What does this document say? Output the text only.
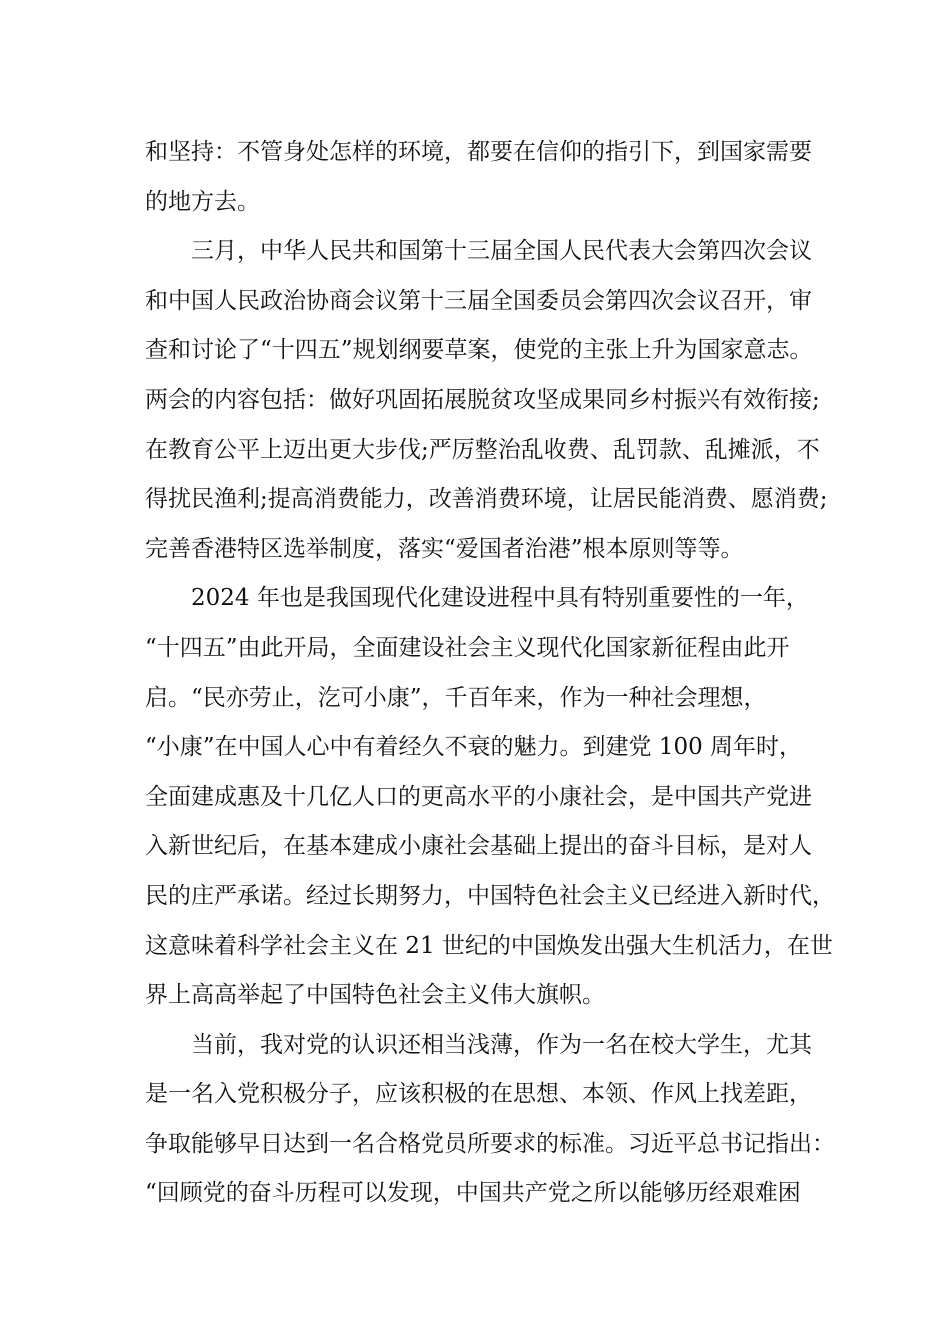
和坚持：不管身处怎样的环境，都要在信仰的指引下，到国家需要
的地方去。

三月，中华人民共和国第十三届全国人民代表大会第四次会议

和中国人民政治协商会议第十三届全国委员会第四次会议召开，审
查和讨论了“十四五”规划纲要草案，使党的主张上升为国家意志。
两会的内容包括：做好巩固拓展脱贫攻坚成果同乡村振兴有效衔接;
在教育公平上迈出更大步伐;严厉整治乱收费、乱罚款、乱摊派，不
得扰民渔利;提高消费能力，改善消费环境，让居民能消费、愿消费;
完善香港特区选举制度，落实“爱国者治港”根本原则等等。

2024 年也是我国现代化建设进程中具有特别重要性的一年，

“十四五”由此开局，全面建设社会主义现代化国家新征程由此开
启。“民亦劳止，汔可小康”，千百年来，作为一种社会理想，
“小康”在中国人心中有着经久不衰的魅力。到建党 100 周年时，
全面建成惠及十几亿人口的更高水平的小康社会，是中国共产党进
入新世纪后，在基本建成小康社会基础上提出的奋斗目标，是对人
民的庄严承诺。经过长期努力，中国特色社会主义已经进入新时代，
这意味着科学社会主义在 21 世纪的中国焕发出强大生机活力，在世
界上高高举起了中国特色社会主义伟大旗帜。

当前，我对党的认识还相当浅薄，作为一名在校大学生，尤其

是一名入党积极分子，应该积极的在思想、本领、作风上找差距，
争取能够早日达到一名合格党员所要求的标准。习近平总书记指出：
“回顾党的奋斗历程可以发现，中国共产党之所以能够历经艰难困
